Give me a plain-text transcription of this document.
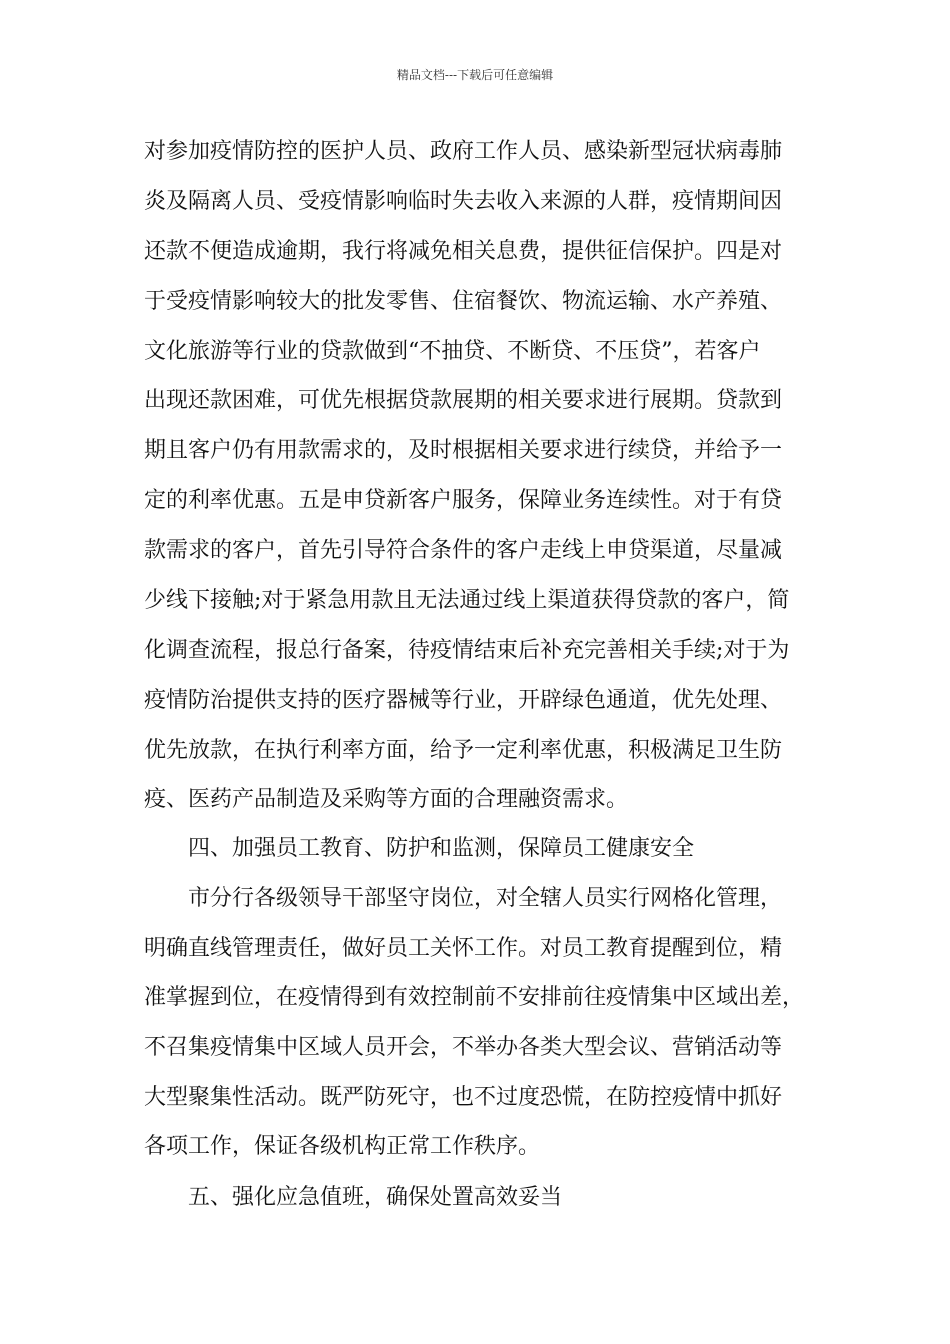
精品文档---下载后可任意编辑
对参加疫情防控的医护人员、政府工作人员、感染新型冠状病毒肺
炎及隔离人员、受疫情影响临时失去收入来源的人群，疫情期间因
还款不便造成逾期，我行将减免相关息费，提供征信保护。四是对
于受疫情影响较大的批发零售、住宿餐饮、物流运输、水产养殖、
文化旅游等行业的贷款做到“不抽贷、不断贷、不压贷”，若客户
出现还款困难，可优先根据贷款展期的相关要求进行展期。贷款到
期且客户仍有用款需求的，及时根据相关要求进行续贷，并给予一
定的利率优惠。五是申贷新客户服务，保障业务连续性。对于有贷
款需求的客户，首先引导符合条件的客户走线上申贷渠道，尽量减
少线下接触;对于紧急用款且无法通过线上渠道获得贷款的客户，简
化调查流程，报总行备案，待疫情结束后补充完善相关手续;对于为
疫情防治提供支持的医疗器械等行业，开辟绿色通道，优先处理、
优先放款，在执行利率方面，给予一定利率优惠，积极满足卫生防
疫、医药产品制造及采购等方面的合理融资需求。
四、加强员工教育、防护和监测，保障员工健康安全
市分行各级领导干部坚守岗位，对全辖人员实行网格化管理，
明确直线管理责任，做好员工关怀工作。对员工教育提醒到位，精
准掌握到位，在疫情得到有效控制前不安排前往疫情集中区域出差，
不召集疫情集中区域人员开会，不举办各类大型会议、营销活动等
大型聚集性活动。既严防死守，也不过度恐慌，在防控疫情中抓好
各项工作，保证各级机构正常工作秩序。
五、强化应急值班，确保处置高效妥当
